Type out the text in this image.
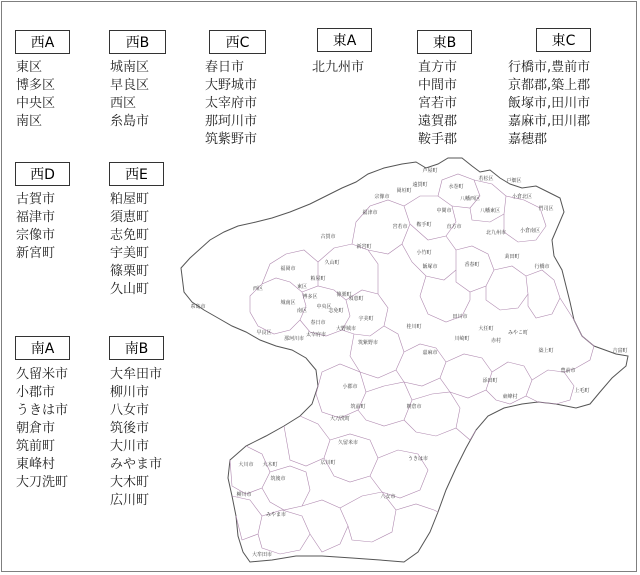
芦屋町
若松区
遠賀町	水巻町
戸畑区
岡垣町
小倉北区
八幡西区
八幡東区
中間市
宗像市
門司区
鞍手町	直方市
小倉南区
福津市
宮若市
北九州市
古賀市
新宮町
小竹町
苅田町
行橋市
飯塚市	香春町
久山町
福岡市
東区
粕屋町
西区
糸島市
博多区	篠栗町
志免町
城南区
南区
中央区
須恵町
春日市
大野城市
宇美町
那珂川市
早良区	太宰府市
筑紫野市
桂川町
田川市
川崎町
大任町
赤村
みやこ町
築上町	吉富町
上毛町
豊前市
嘉麻市
添田町
東峰村
朝倉市
筑前町
小郡市
大刀洗町
うきは市
久留米市
大川市 大木町	広川町
筑後市
柳川市	八女市
みやま市
大牟田市
西A
東区
博多区
中央区
南区
西B
城南区
早良区
西区
糸島市
西C
春日市
大野城市
太宰府市
那珂川市
筑紫野市
東A
北九州市
東B
直方市
中間市
宮若市
遠賀郡
鞍手郡
東C
行橋市,豊前市
京都郡,築上郡
飯塚市,田川市
嘉麻市,田川郡
嘉穂郡
西D
古賀市
福津市
宗像市
新宮町
西E
粕屋町
須恵町
志免町
宇美町
篠栗町
久山町
南A
久留米市
小郡市
うきは市
朝倉市
筑前町
東峰村
大刀洗町
南B
大牟田市
柳川市
八女市
筑後市
大川市
みやま市
大木町
広川町
